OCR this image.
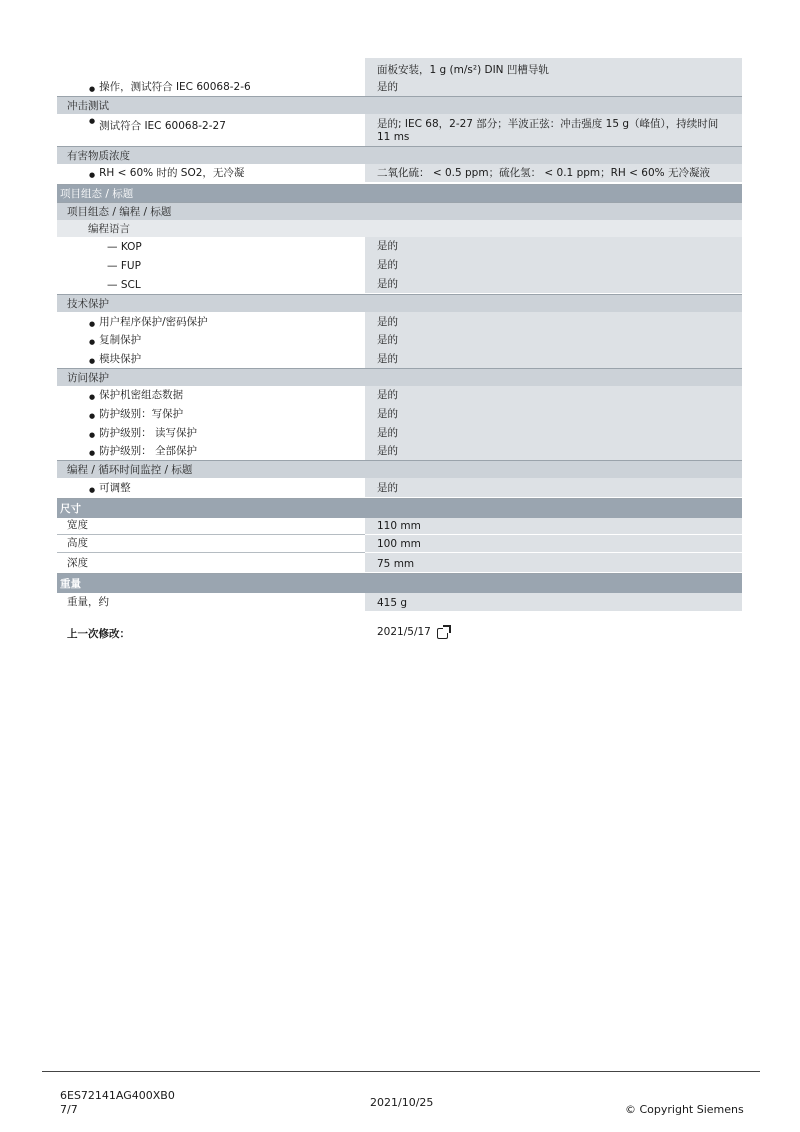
面板安装，1 g (m/s²) DIN 凹槽导轨
● 操作，测试符合 IEC 60068-2-6	是的
冲击测试
● 测试符合 IEC 60068-2-27	是的; IEC 68，2-27 部分；半波正弦：冲击强度 15 g（峰值），持续时间 11 ms
有害物质浓度
● RH < 60% 时的 SO2，无冷凝	二氧化硫： < 0.5 ppm；硫化氢： < 0.1 ppm；RH < 60% 无冷凝液
项目组态 / 标题
项目组态 / 编程 / 标题
编程语言
— KOP	是的
— FUP	是的
— SCL	是的
技术保护
● 用户程序保护/密码保护	是的
● 复制保护	是的
● 模块保护	是的
访问保护
● 保护机密组态数据	是的
● 防护级别：写保护	是的
● 防护级别： 读写保护	是的
● 防护级别： 全部保护	是的
编程 / 循环时间监控 / 标题
● 可调整	是的
尺寸
宽度	110 mm
高度	100 mm
深度	75 mm
重量
重量，约	415 g
上一次修改：	2021/5/17
6ES72141AG400XB0
7/7
2021/10/25
© Copyright Siemens
